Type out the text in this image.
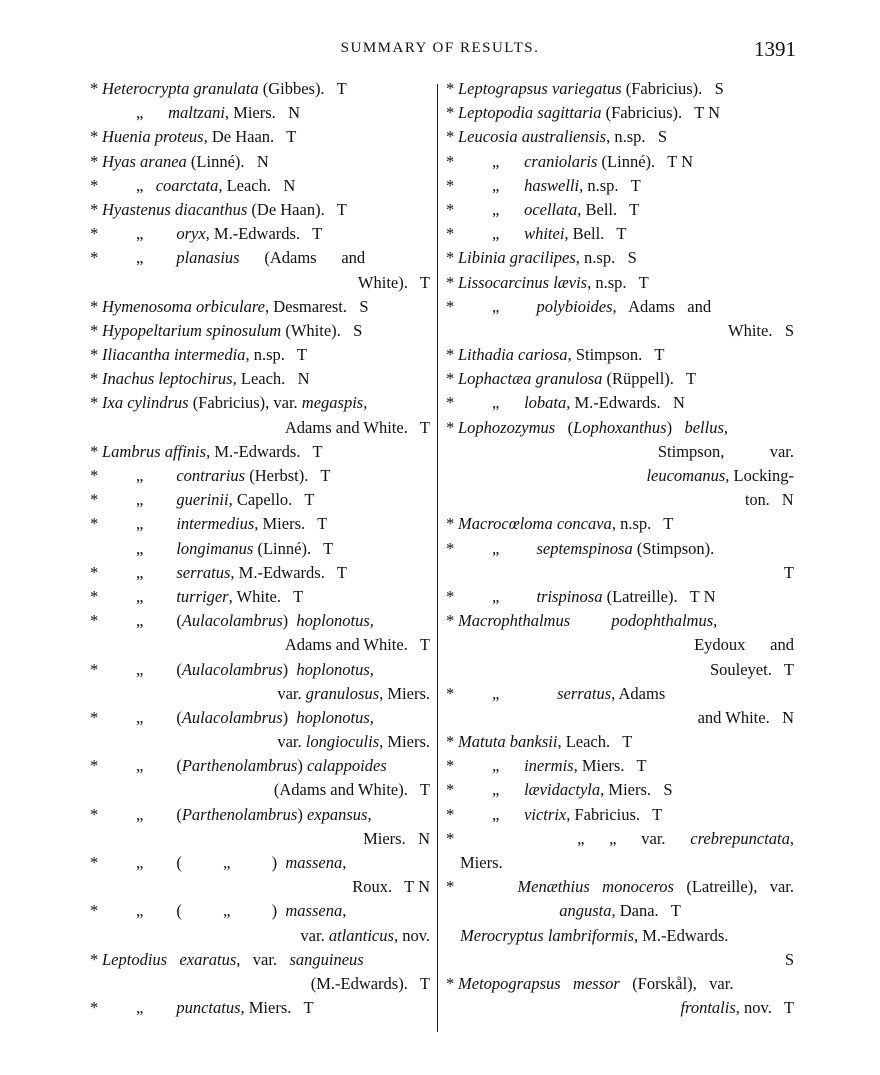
SUMMARY OF RESULTS.	1391
* Heterocrypta granulata (Gibbes).   T
„      maltzani, Miers.   N
* Huenia proteus, De Haan.   T
* Hyas aranea (Linné).   N
* „   coarctata, Leach.   N
* Hyastenus diacanthus (De Haan).   T
* „        oryx, M.-Edwards.   T
* „        planasius      (Adams      and
White).   T
* Hymenosoma orbiculare, Desmarest.   S
* Hypopeltarium spinosulum (White).   S
* Iliacantha intermedia, n.sp.   T
* Inachus leptochirus, Leach.   N
* Ixa cylindrus (Fabricius), var. megaspis,
Adams and White.   T
* Lambrus affinis, M.-Edwards.   T
* „        contrarius (Herbst).   T
* „        guerinii, Capello.   T
* „        intermedius, Miers.   T
„        longimanus (Linné).   T
* „        serratus, M.-Edwards.   T
* „        turriger, White.   T
* „        (Aulacolambrus)  hoplonotus,
Adams and White.   T
* „        (Aulacolambrus)  hoplonotus,
var. granulosus, Miers.
* „        (Aulacolambrus)  hoplonotus,
var. longioculis, Miers.
* „        (Parthenolambrus) calappoides
(Adams and White).   T
* „        (Parthenolambrus) expansus,
Miers.   N
* „        (          „          )  massena,
Roux.   T N
* „        (          „          )  massena,
var. atlanticus, nov.
* Leptodius exaratus,   var.   sanguineus
(M.-Edwards).   T
* „        punctatus, Miers.   T
* Leptograpsus variegatus (Fabricius).   S
* Leptopodia sagittaria (Fabricius).   T N
* Leucosia australiensis, n.sp.   S
* „      craniolaris (Linné).   T N
* „      haswelli, n.sp.   T
* „      ocellata, Bell.   T
* „      whitei, Bell.   T
* Libinia gracilipes, n.sp.   S
* Lissocarcinus lævis, n.sp.   T
* „         polybioides,   Adams   and
White.   S
* Lithadia cariosa, Stimpson.   T
* Lophactæa granulosa (Rüppell).   T
* „      lobata, M.-Edwards.   N
* Lophozozymus   (Lophoxanthus)   bellus,
Stimpson,           var.
leucomanus, Locking-
ton.   N
* Macrocœloma concava, n.sp.   T
* „         septemspinosa (Stimpson).
T
* „         trispinosa (Latreille).   T N
* Macrophthalmus	podophthalmus,
Eydoux      and
Souleyet.   T
* „              serratus, Adams
and White.   N
* Matuta banksii, Leach.   T
* „      inermis, Miers.   T
* „      lævidactyla, Miers.   S
* „      victrix, Fabricius.   T
*	„      „      var.      crebrepunctata,
Miers.
*	Menæthius monoceros   (Latreille),   var.
angusta, Dana.   T
Merocryptus lambriformis, M.-Edwards.
S
* Metopograpsus messor   (Forskål),   var.
frontalis, nov.   T
